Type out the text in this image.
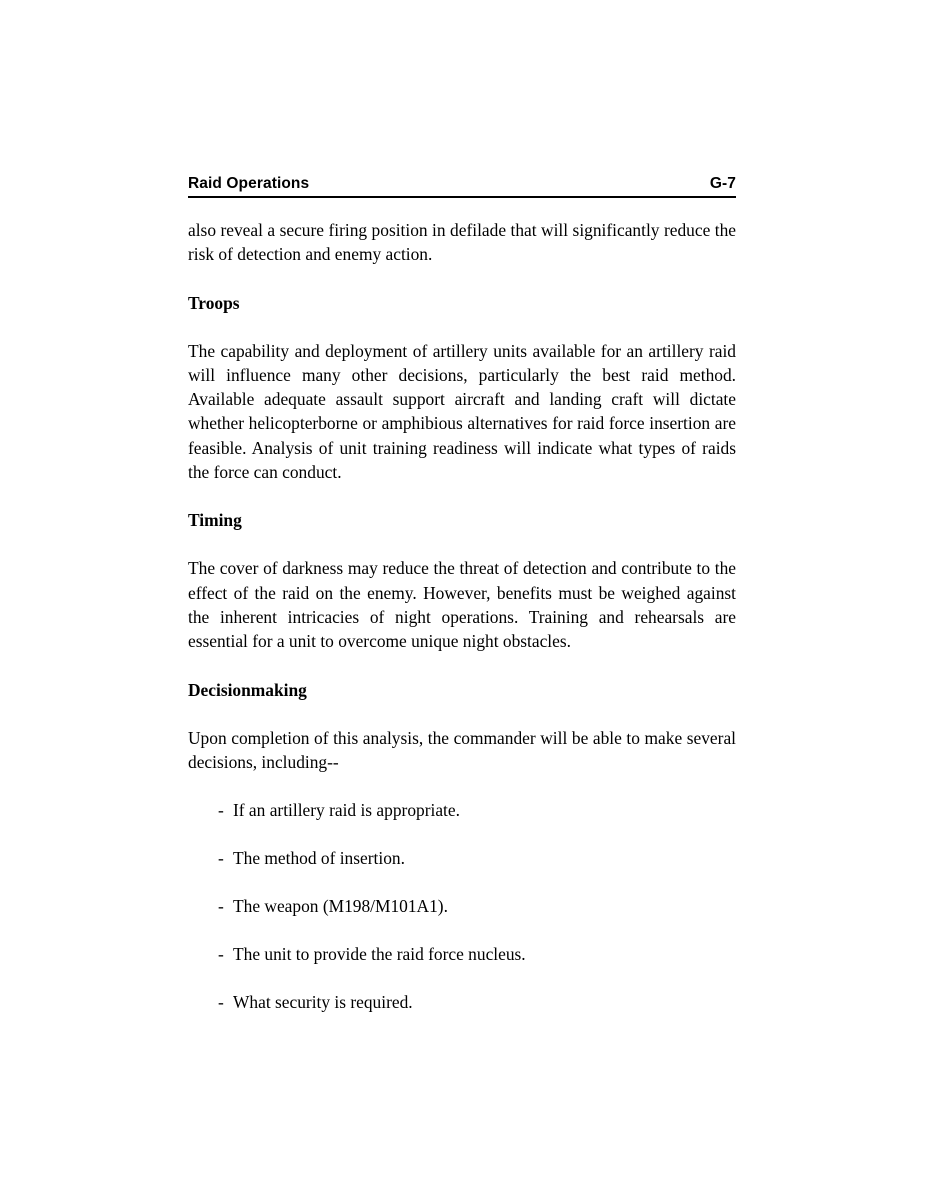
Raid Operations	G-7

also reveal a secure firing position in defilade that will significantly reduce the risk of detection and enemy action.

Troops

The capability and deployment of artillery units available for an artillery raid will influence many other decisions, particularly the best raid method. Available adequate assault support aircraft and landing craft will dictate whether helicopterborne or amphibious alternatives for raid force insertion are feasible. Analysis of unit training readiness will indicate what types of raids the force can conduct.

Timing

The cover of darkness may reduce the threat of detection and contribute to the effect of the raid on the enemy. However, benefits must be weighed against the inherent intricacies of night operations. Training and rehearsals are essential for a unit to overcome unique night obstacles.

Decisionmaking

Upon completion of this analysis, the commander will be able to make several decisions, including--

- If an artillery raid is appropriate.
- The method of insertion.
- The weapon (M198/M101A1).
- The unit to provide the raid force nucleus.
- What security is required.
